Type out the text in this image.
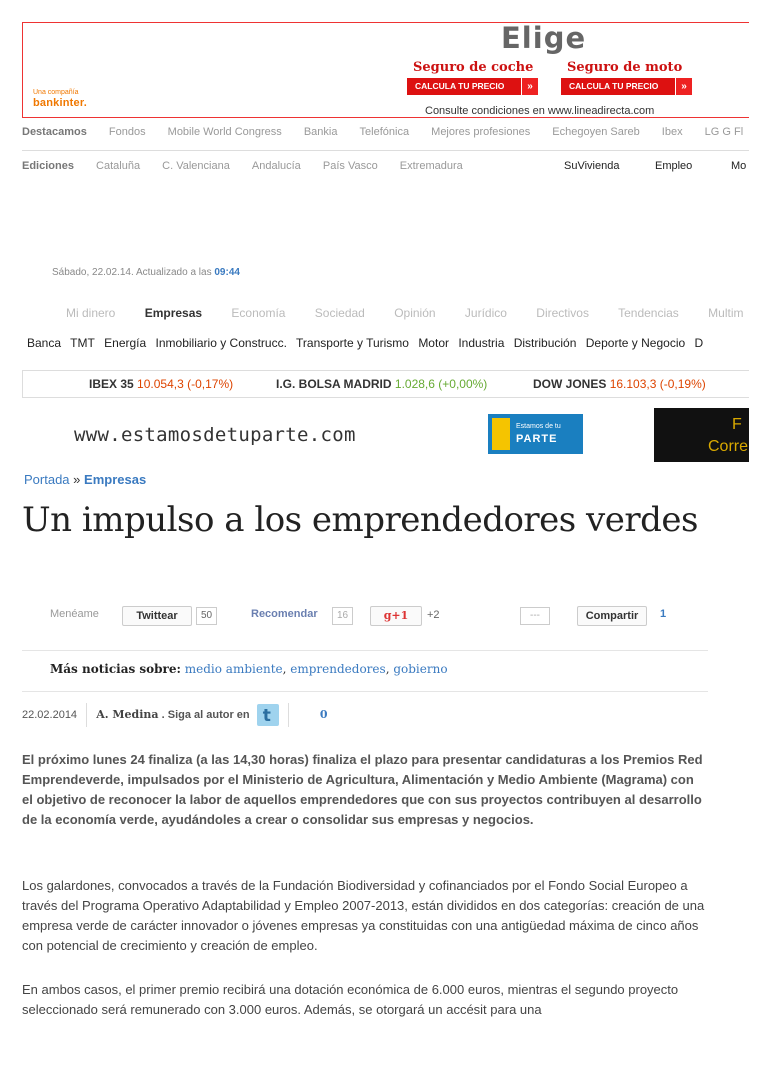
Una compañía
bankinter.
Elige
Seguro de coche
CALCULA TU PRECIO	»
Seguro de moto
CALCULA TU PRECIO	»
Consulte condiciones en www.lineadirecta.com
Destacamos Fondos Mobile World Congress Bankia Telefónica Mejores profesiones Echegoyen Sareb Ibex LG G Fl
Ediciones Cataluña C. Valenciana Andalucía País Vasco Extremadura	SuVivienda	Empleo	Mo
Sábado, 22.02.14. Actualizado a las 09:44
Mi dinero Empresas Economía Sociedad Opinión Jurídico Directivos Tendencias Multim
Banca TMT Energía Inmobiliario y Construcc. Transporte y Turismo Motor Industria Distribución Deporte y Negocio D
IBEX 35 10.054,3 (-0,17%)	I.G. BOLSA MADRID 1.028,6 (+0,00%)	DOW JONES 16.103,3 (-0,19%)
www.estamosdetuparte.com	Estamos de tu
PARTE
F
Corre
Portada » Empresas
Un impulso a los emprendedores verdes
Menéame	Twittear	50	Recomendar	16	g+1	+2	---	Compartir	1
Más noticias sobre: medio ambiente, emprendedores, gobierno
22.02.2014 A. Medina . Siga al autor en t	0

El próximo lunes 24 finaliza (a las 14,30 horas) finaliza el plazo para presentar candidaturas a los Premios Red Emprendeverde, impulsados por el Ministerio de Agricultura, Alimentación y Medio Ambiente (Magrama) con el objetivo de reconocer la labor de aquellos emprendedores que con sus proyectos contribuyen al desarrollo de la economía verde, ayudándoles a crear o consolidar sus empresas y negocios.

Los galardones, convocados a través de la Fundación Biodiversidad y cofinanciados por el Fondo Social Europeo a través del Programa Operativo Adaptabilidad y Empleo 2007-2013, están divididos en dos categorías: creación de una empresa verde de carácter innovador o jóvenes empresas ya constituidas con una antigüedad máxima de cinco años con potencial de crecimiento y creación de empleo.

En ambos casos, el primer premio recibirá una dotación económica de 6.000 euros, mientras el segundo proyecto seleccionado será remunerado con 3.000 euros. Además, se otorgará un accésit para una
